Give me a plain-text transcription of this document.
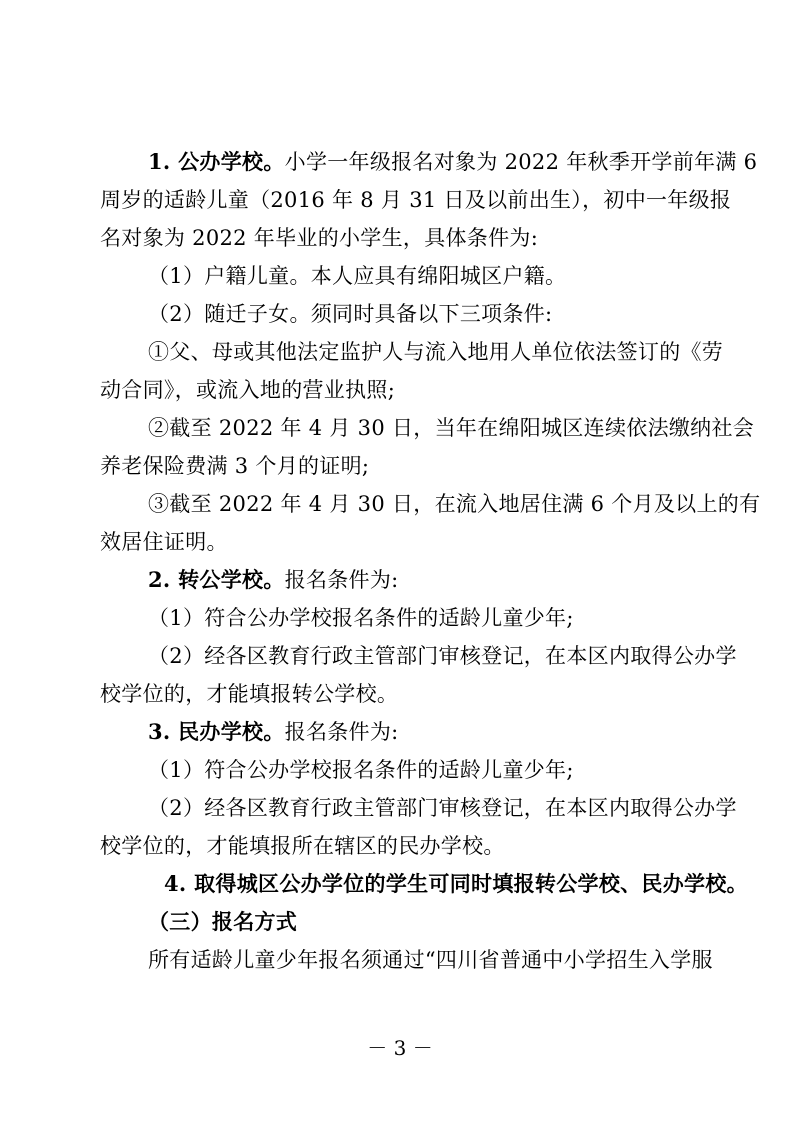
1. 公办学校。小学一年级报名对象为 2022 年秋季开学前年满 6
周岁的适龄儿童（2016 年 8 月 31 日及以前出生），初中一年级报
名对象为 2022 年毕业的小学生，具体条件为:
（1）户籍儿童。本人应具有绵阳城区户籍。
（2）随迁子女。须同时具备以下三项条件:
①父、母或其他法定监护人与流入地用人单位依法签订的《劳
动合同》，或流入地的营业执照;
②截至 2022 年 4 月 30 日，当年在绵阳城区连续依法缴纳社会
养老保险费满 3 个月的证明;
③截至 2022 年 4 月 30 日，在流入地居住满 6 个月及以上的有
效居住证明。
2. 转公学校。报名条件为:
（1）符合公办学校报名条件的适龄儿童少年;
（2）经各区教育行政主管部门审核登记，在本区内取得公办学
校学位的，才能填报转公学校。
3. 民办学校。报名条件为:
（1）符合公办学校报名条件的适龄儿童少年;
（2）经各区教育行政主管部门审核登记，在本区内取得公办学
校学位的，才能填报所在辖区的民办学校。
4. 取得城区公办学位的学生可同时填报转公学校、民办学校。
（三）报名方式
所有适龄儿童少年报名须通过“四川省普通中小学招生入学服
－ 3 －
